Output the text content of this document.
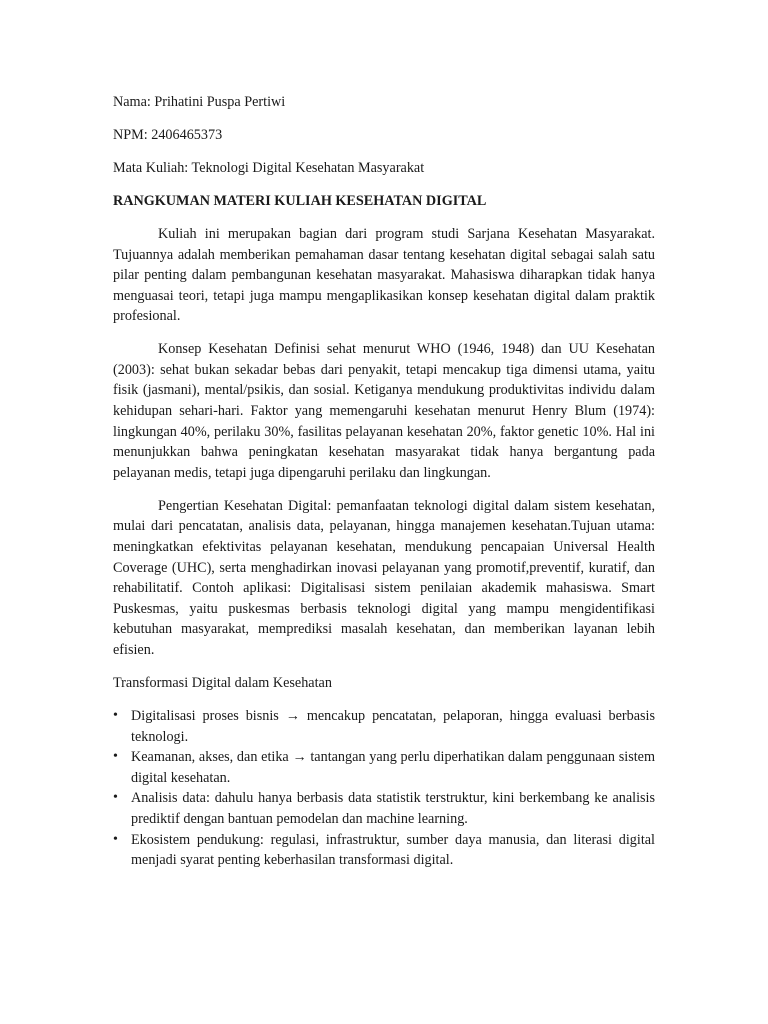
Nama: Prihatini Puspa Pertiwi

NPM: 2406465373

Mata Kuliah: Teknologi Digital Kesehatan Masyarakat

RANGKUMAN MATERI KULIAH KESEHATAN DIGITAL

Kuliah ini merupakan bagian dari program studi Sarjana Kesehatan Masyarakat. Tujuannya adalah memberikan pemahaman dasar tentang kesehatan digital sebagai salah satu pilar penting dalam pembangunan kesehatan masyarakat. Mahasiswa diharapkan tidak hanya menguasai teori, tetapi juga mampu mengaplikasikan konsep kesehatan digital dalam praktik profesional.

Konsep Kesehatan Definisi sehat menurut WHO (1946, 1948) dan UU Kesehatan (2003): sehat bukan sekadar bebas dari penyakit, tetapi mencakup tiga dimensi utama, yaitu fisik (jasmani), mental/psikis, dan sosial. Ketiganya mendukung produktivitas individu dalam kehidupan sehari-hari. Faktor yang memengaruhi kesehatan menurut Henry Blum (1974): lingkungan 40%, perilaku 30%, fasilitas pelayanan kesehatan 20%, faktor genetic 10%. Hal ini menunjukkan bahwa peningkatan kesehatan masyarakat tidak hanya bergantung pada pelayanan medis, tetapi juga dipengaruhi perilaku dan lingkungan.

Pengertian Kesehatan Digital: pemanfaatan teknologi digital dalam sistem kesehatan, mulai dari pencatatan, analisis data, pelayanan, hingga manajemen kesehatan.Tujuan utama: meningkatkan efektivitas pelayanan kesehatan, mendukung pencapaian Universal Health Coverage (UHC), serta menghadirkan inovasi pelayanan yang promotif,preventif, kuratif, dan rehabilitatif. Contoh aplikasi: Digitalisasi sistem penilaian akademik mahasiswa. Smart Puskesmas, yaitu puskesmas berbasis teknologi digital yang mampu mengidentifikasi kebutuhan masyarakat, memprediksi masalah kesehatan, dan memberikan layanan lebih efisien.

Transformasi Digital dalam Kesehatan

• Digitalisasi proses bisnis → mencakup pencatatan, pelaporan, hingga evaluasi berbasis teknologi.
• Keamanan, akses, dan etika → tantangan yang perlu diperhatikan dalam penggunaan sistem digital kesehatan.
• Analisis data: dahulu hanya berbasis data statistik terstruktur, kini berkembang ke analisis prediktif dengan bantuan pemodelan dan machine learning.
• Ekosistem pendukung: regulasi, infrastruktur, sumber daya manusia, dan literasi digital menjadi syarat penting keberhasilan transformasi digital.
